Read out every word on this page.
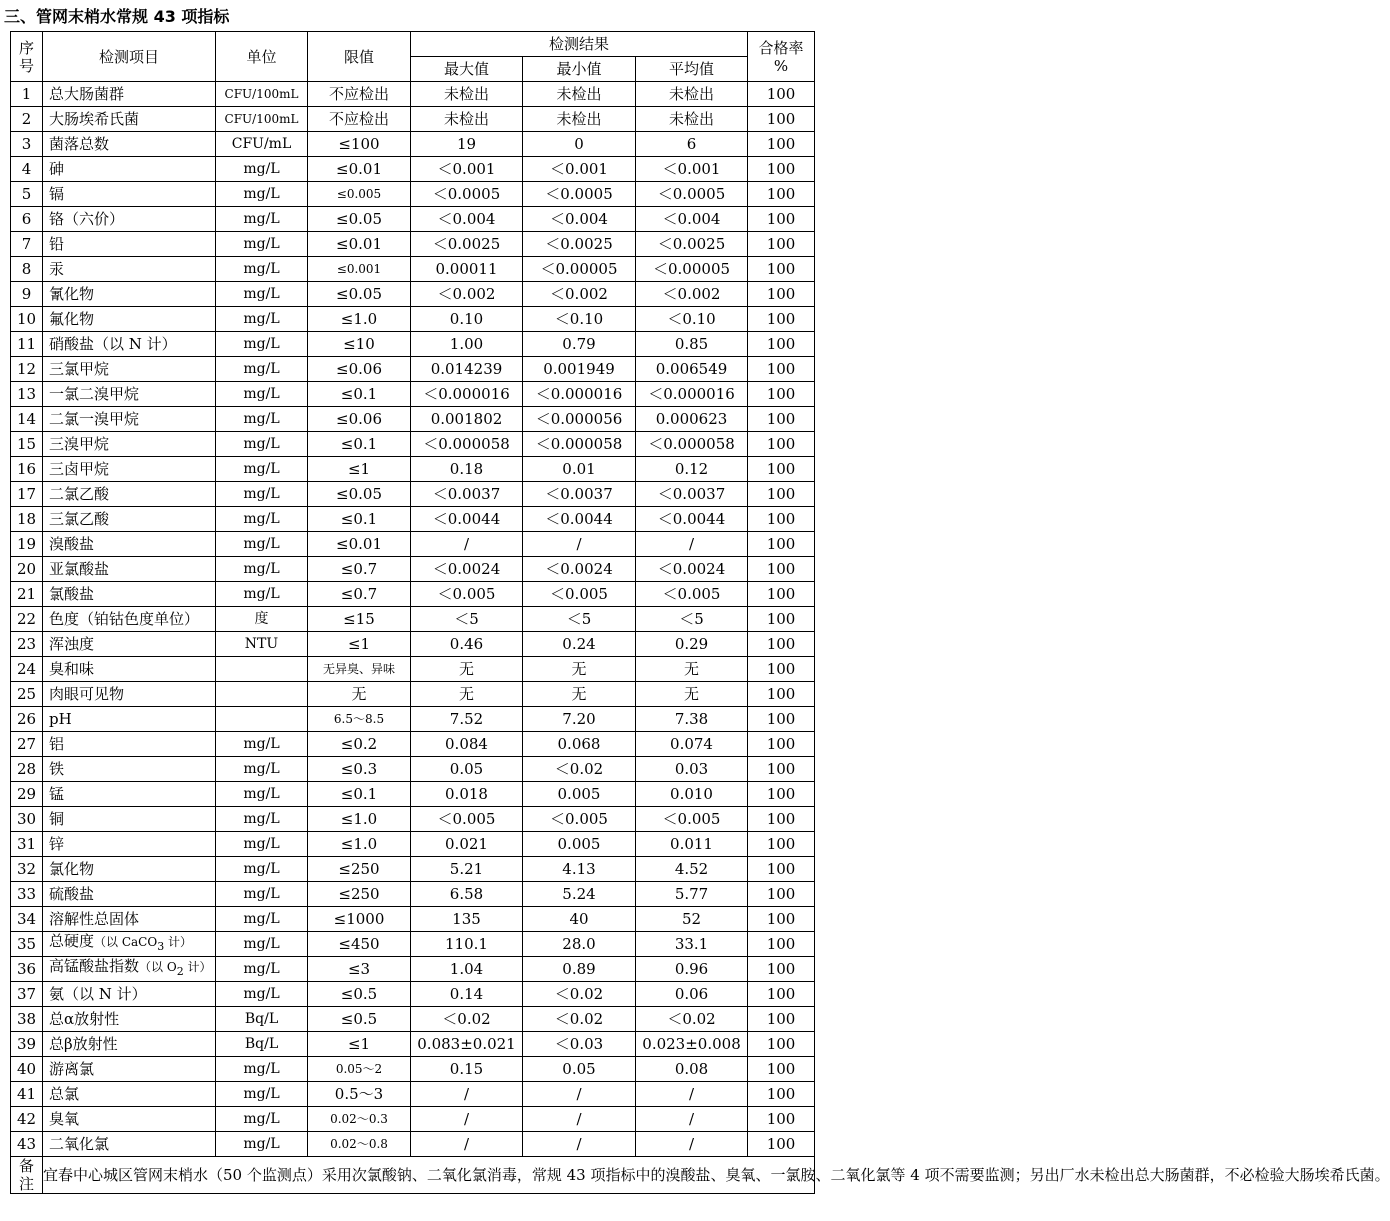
三、管网末梢水常规 43 项指标
序
号	检测项目	单位	限值	检测结果			合格率
%
				最大值	最小值	平均值	
1	总大肠菌群	CFU/100mL	不应检出	未检出	未检出	未检出	100
2	大肠埃希氏菌	CFU/100mL	不应检出	未检出	未检出	未检出	100
3	菌落总数	CFU/mL	≤100	19	0	6	100
4	砷	mg/L	≤0.01	＜0.001	＜0.001	＜0.001	100
5	镉	mg/L	≤0.005	＜0.0005	＜0.0005	＜0.0005	100
6	铬（六价）	mg/L	≤0.05	＜0.004	＜0.004	＜0.004	100
7	铅	mg/L	≤0.01	＜0.0025	＜0.0025	＜0.0025	100
8	汞	mg/L	≤0.001	0.00011	＜0.00005	＜0.00005	100
9	氰化物	mg/L	≤0.05	＜0.002	＜0.002	＜0.002	100
10	氟化物	mg/L	≤1.0	0.10	＜0.10	＜0.10	100
11	硝酸盐（以 N 计）	mg/L	≤10	1.00	0.79	0.85	100
12	三氯甲烷	mg/L	≤0.06	0.014239	0.001949	0.006549	100
13	一氯二溴甲烷	mg/L	≤0.1	＜0.000016	＜0.000016	＜0.000016	100
14	二氯一溴甲烷	mg/L	≤0.06	0.001802	＜0.000056	0.000623	100
15	三溴甲烷	mg/L	≤0.1	＜0.000058	＜0.000058	＜0.000058	100
16	三卤甲烷	mg/L	≤1	0.18	0.01	0.12	100
17	二氯乙酸	mg/L	≤0.05	＜0.0037	＜0.0037	＜0.0037	100
18	三氯乙酸	mg/L	≤0.1	＜0.0044	＜0.0044	＜0.0044	100
19	溴酸盐	mg/L	≤0.01	/	/	/	100
20	亚氯酸盐	mg/L	≤0.7	＜0.0024	＜0.0024	＜0.0024	100
21	氯酸盐	mg/L	≤0.7	＜0.005	＜0.005	＜0.005	100
22	色度（铂钴色度单位）	度	≤15	＜5	＜5	＜5	100
23	浑浊度	NTU	≤1	0.46	0.24	0.29	100
24	臭和味		无异臭、异味	无	无	无	100
25	肉眼可见物		无	无	无	无	100
26	pH		6.5～8.5	7.52	7.20	7.38	100
27	铝	mg/L	≤0.2	0.084	0.068	0.074	100
28	铁	mg/L	≤0.3	0.05	＜0.02	0.03	100
29	锰	mg/L	≤0.1	0.018	0.005	0.010	100
30	铜	mg/L	≤1.0	＜0.005	＜0.005	＜0.005	100
31	锌	mg/L	≤1.0	0.021	0.005	0.011	100
32	氯化物	mg/L	≤250	5.21	4.13	4.52	100
33	硫酸盐	mg/L	≤250	6.58	5.24	5.77	100
34	溶解性总固体	mg/L	≤1000	135	40	52	100
35	总硬度（以 CaCO$_3$ 计）	mg/L	≤450	110.1	28.0	33.1	100
36	高锰酸盐指数（以 $O_2$ 计）	mg/L	≤3	1.04	0.89	0.96	100
37	氨（以 N 计）	mg/L	≤0.5	0.14	＜0.02	0.06	100
38	总α放射性	Bq/L	≤0.5	＜0.02	＜0.02	＜0.02	100
39	总β放射性	Bq/L	≤1	0.083±0.021	＜0.03	0.023±0.008	100
40	游离氯	mg/L	0.05～2	0.15	0.05	0.08	100
41	总氯	mg/L	0.5～3	/	/	/	100
42	臭氧	mg/L	0.02～0.3	/	/	/	100
43	二氧化氯	mg/L	0.02～0.8	/	/	/	100
备
注	宜春中心城区管网末梢水（50 个监测点）采用次氯酸钠、二氧化氯消毒，常规 43 项指标中的溴酸盐、臭氧、一氯胺、二氧化氯等 4 项不需要监测；另出厂水未检出总大肠菌群，不必检验大肠埃希氏菌。						
